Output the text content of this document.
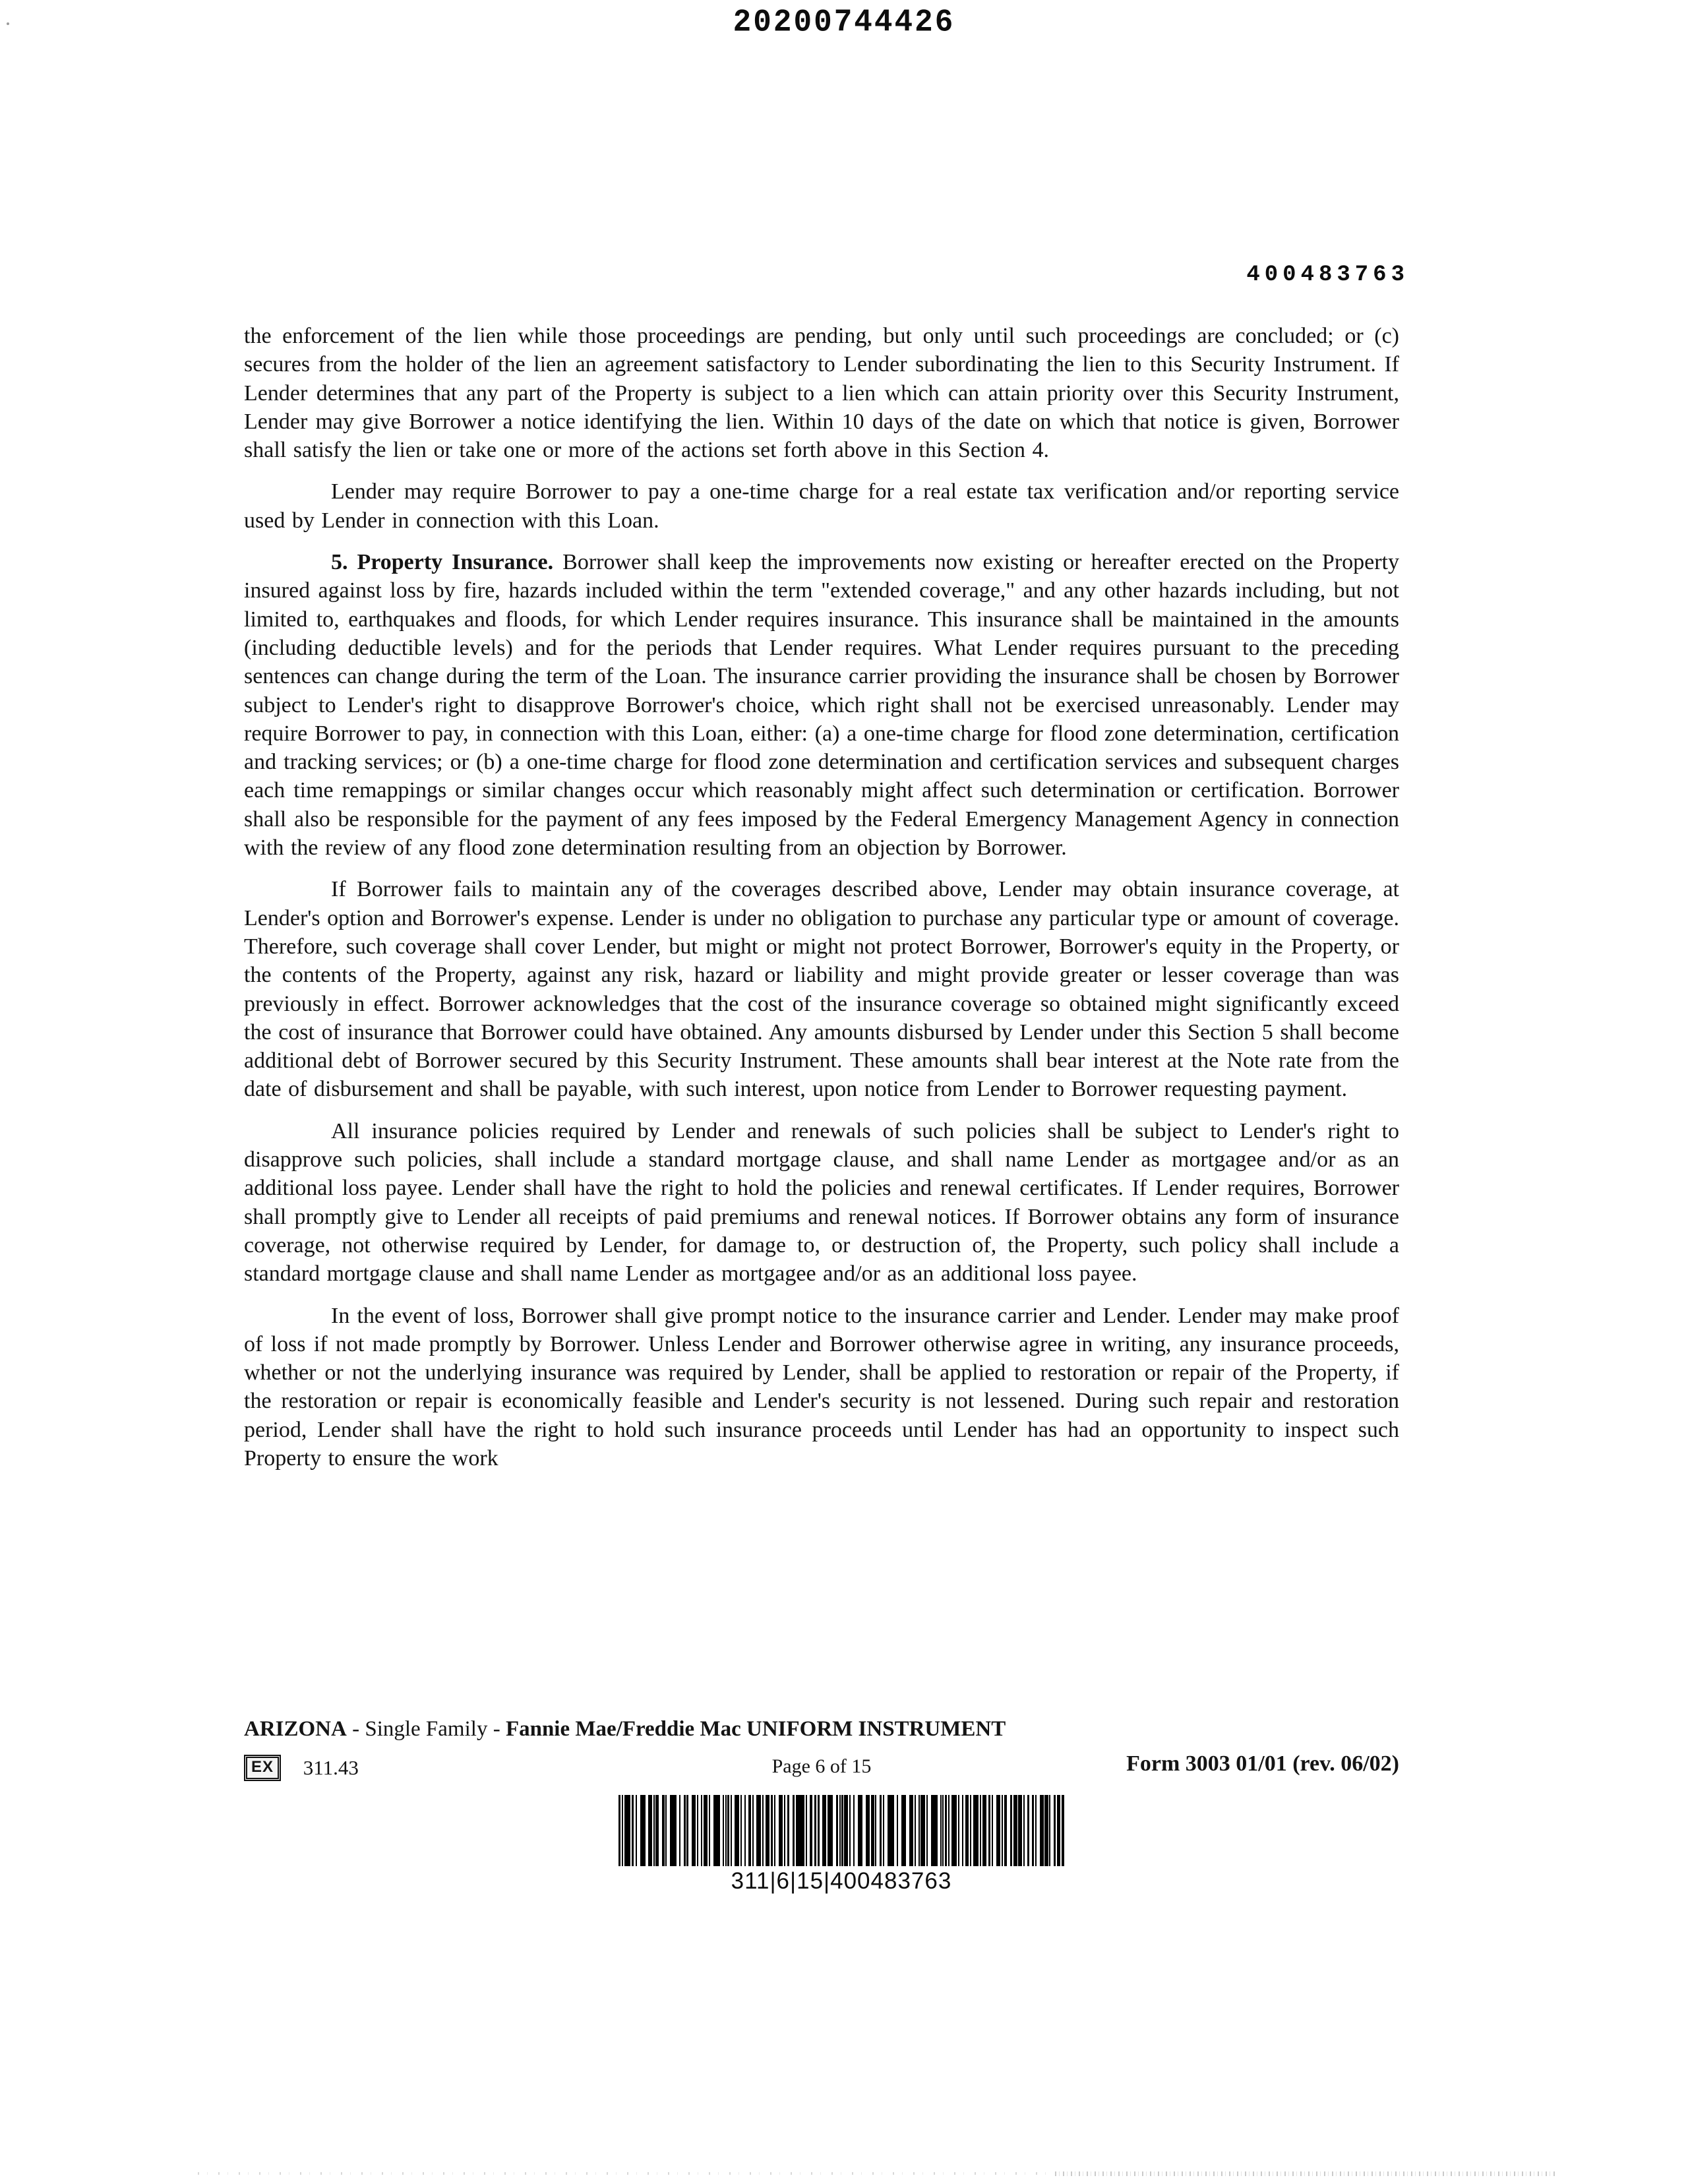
20200744426
400483763

the enforcement of the lien while those proceedings are pending, but only until such proceedings are concluded; or (c) secures from the holder of the lien an agreement satisfactory to Lender subordinating the lien to this Security Instrument. If Lender determines that any part of the Property is subject to a lien which can attain priority over this Security Instrument, Lender may give Borrower a notice identifying the lien. Within 10 days of the date on which that notice is given, Borrower shall satisfy the lien or take one or more of the actions set forth above in this Section 4.

Lender may require Borrower to pay a one-time charge for a real estate tax verification and/or reporting service used by Lender in connection with this Loan.

5. Property Insurance. Borrower shall keep the improvements now existing or hereafter erected on the Property insured against loss by fire, hazards included within the term "extended coverage," and any other hazards including, but not limited to, earthquakes and floods, for which Lender requires insurance. This insurance shall be maintained in the amounts (including deductible levels) and for the periods that Lender requires. What Lender requires pursuant to the preceding sentences can change during the term of the Loan. The insurance carrier providing the insurance shall be chosen by Borrower subject to Lender's right to disapprove Borrower's choice, which right shall not be exercised unreasonably. Lender may require Borrower to pay, in connection with this Loan, either: (a) a one-time charge for flood zone determination, certification and tracking services; or (b) a one-time charge for flood zone determination and certification services and subsequent charges each time remappings or similar changes occur which reasonably might affect such determination or certification. Borrower shall also be responsible for the payment of any fees imposed by the Federal Emergency Management Agency in connection with the review of any flood zone determination resulting from an objection by Borrower.

If Borrower fails to maintain any of the coverages described above, Lender may obtain insurance coverage, at Lender's option and Borrower's expense. Lender is under no obligation to purchase any particular type or amount of coverage. Therefore, such coverage shall cover Lender, but might or might not protect Borrower, Borrower's equity in the Property, or the contents of the Property, against any risk, hazard or liability and might provide greater or lesser coverage than was previously in effect. Borrower acknowledges that the cost of the insurance coverage so obtained might significantly exceed the cost of insurance that Borrower could have obtained. Any amounts disbursed by Lender under this Section 5 shall become additional debt of Borrower secured by this Security Instrument. These amounts shall bear interest at the Note rate from the date of disbursement and shall be payable, with such interest, upon notice from Lender to Borrower requesting payment.

All insurance policies required by Lender and renewals of such policies shall be subject to Lender's right to disapprove such policies, shall include a standard mortgage clause, and shall name Lender as mortgagee and/or as an additional loss payee. Lender shall have the right to hold the policies and renewal certificates. If Lender requires, Borrower shall promptly give to Lender all receipts of paid premiums and renewal notices. If Borrower obtains any form of insurance coverage, not otherwise required by Lender, for damage to, or destruction of, the Property, such policy shall include a standard mortgage clause and shall name Lender as mortgagee and/or as an additional loss payee.

In the event of loss, Borrower shall give prompt notice to the insurance carrier and Lender. Lender may make proof of loss if not made promptly by Borrower. Unless Lender and Borrower otherwise agree in writing, any insurance proceeds, whether or not the underlying insurance was required by Lender, shall be applied to restoration or repair of the Property, if the restoration or repair is economically feasible and Lender's security is not lessened. During such repair and restoration period, Lender shall have the right to hold such insurance proceeds until Lender has had an opportunity to inspect such Property to ensure the work

ARIZONA - Single Family - Fannie Mae/Freddie Mac UNIFORM INSTRUMENT
EX 311.43	Page 6 of 15	Form 3003 01/01 (rev. 06/02)
311|6|15|400483763
